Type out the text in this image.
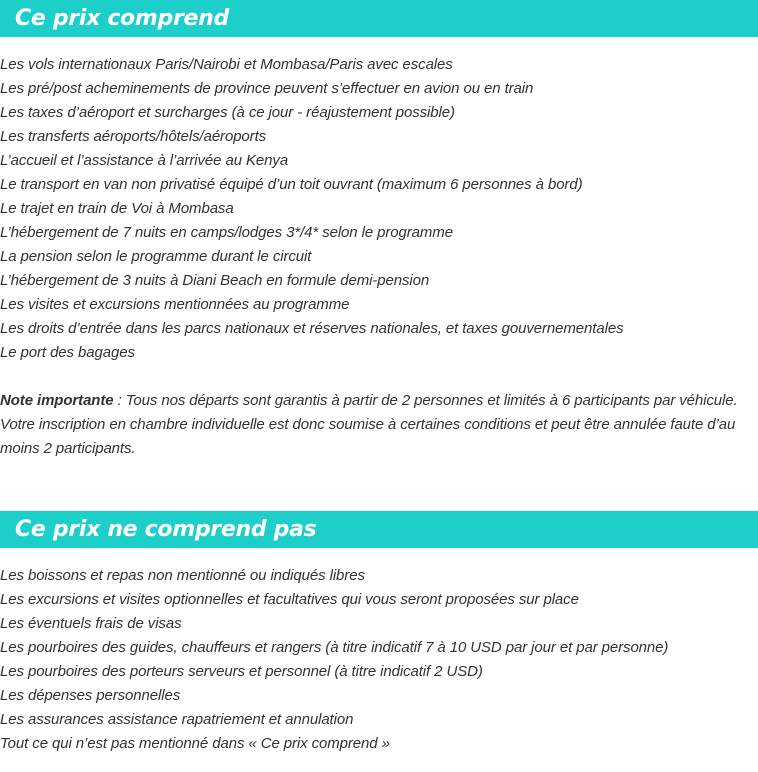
Ce prix comprend
Les vols internationaux Paris/Nairobi et Mombasa/Paris avec escales
Les pré/post acheminements de province peuvent s’effectuer en avion ou en train
Les taxes d’aéroport et surcharges (à ce jour - réajustement possible)
Les transferts aéroports/hôtels/aéroports
L’accueil et l’assistance à l’arrivée au Kenya
Le transport en van non privatisé équipé d’un toit ouvrant (maximum 6 personnes à bord)
Le trajet en train de Voi à Mombasa
L’hébergement de 7 nuits en camps/lodges 3*/4* selon le programme
La pension selon le programme durant le circuit
L’hébergement de 3 nuits à Diani Beach en formule demi-pension
Les visites et excursions mentionnées au programme
Les droits d’entrée dans les parcs nationaux et réserves nationales, et taxes gouvernementales
Le port des bagages

Note importante : Tous nos départs sont garantis à partir de 2 personnes et limités à 6 participants par véhicule. Votre inscription en chambre individuelle est donc soumise à certaines conditions et peut être annulée faute d’au moins 2 participants.

Ce prix ne comprend pas
Les boissons et repas non mentionné ou indiqués libres
Les excursions et visites optionnelles et facultatives qui vous seront proposées sur place
Les éventuels frais de visas
Les pourboires des guides, chauffeurs et rangers (à titre indicatif 7 à 10 USD par jour et par personne)
Les pourboires des porteurs serveurs et personnel (à titre indicatif 2 USD)
Les dépenses personnelles
Les assurances assistance rapatriement et annulation
Tout ce qui n’est pas mentionné dans « Ce prix comprend »
